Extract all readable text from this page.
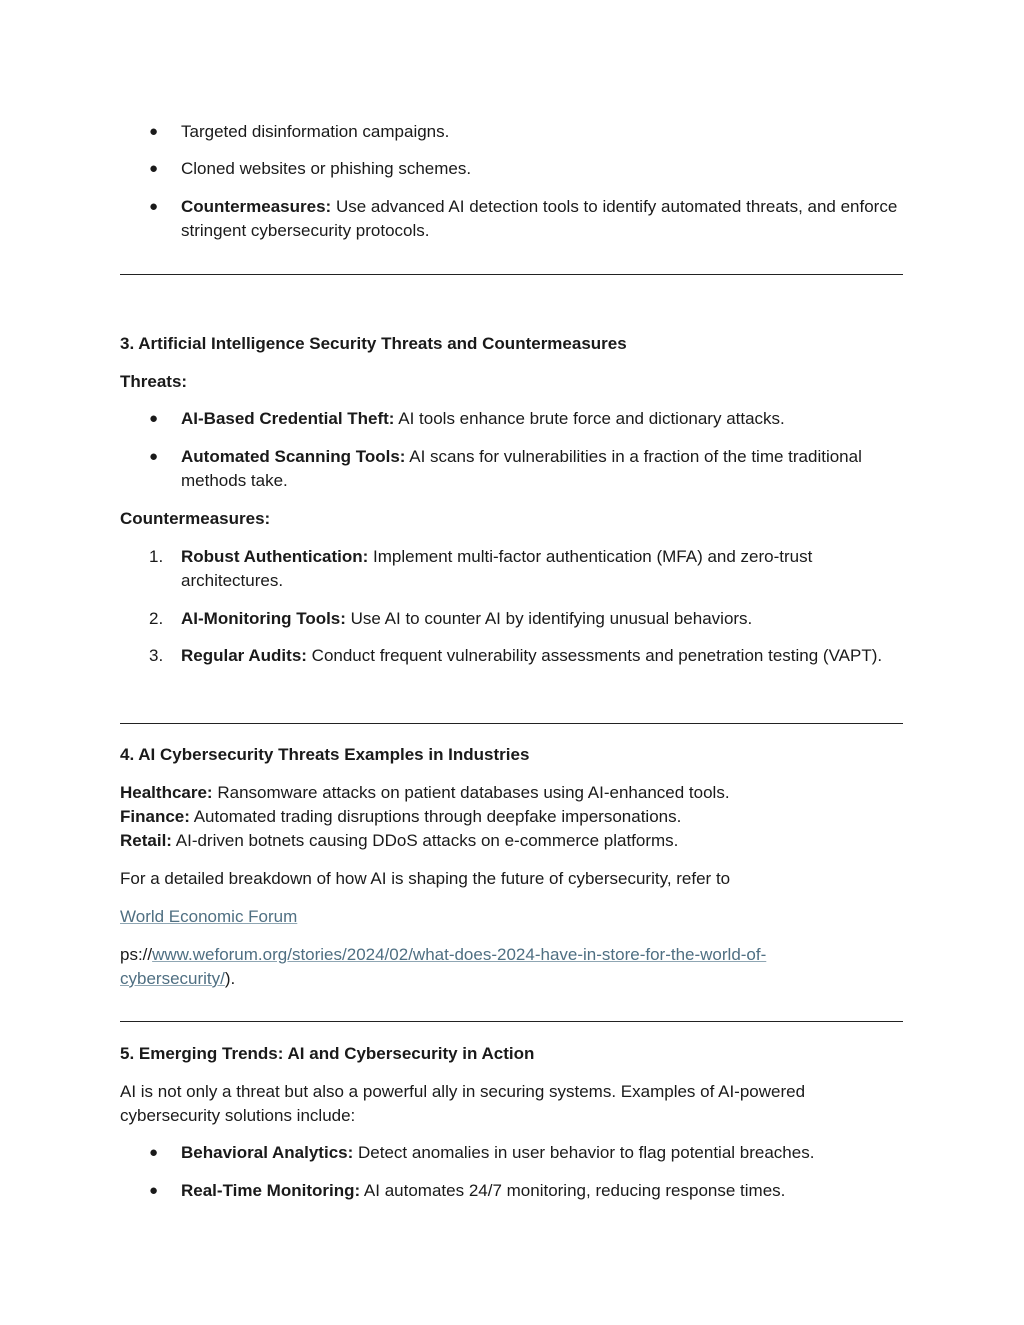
●	Targeted disinformation campaigns.

●	Cloned websites or phishing schemes.

●	Countermeasures: Use advanced AI detection tools to identify automated threats, and enforce stringent cybersecurity protocols.

3. Artificial Intelligence Security Threats and Countermeasures

Threats:

●	AI-Based Credential Theft: AI tools enhance brute force and dictionary attacks.

●	Automated Scanning Tools: AI scans for vulnerabilities in a fraction of the time traditional methods take.

Countermeasures:

1.	Robust Authentication: Implement multi-factor authentication (MFA) and zero-trust architectures.

2.	AI-Monitoring Tools: Use AI to counter AI by identifying unusual behaviors.

3.	Regular Audits: Conduct frequent vulnerability assessments and penetration testing (VAPT).

4. AI Cybersecurity Threats Examples in Industries

Healthcare: Ransomware attacks on patient databases using AI-enhanced tools.
Finance: Automated trading disruptions through deepfake impersonations.
Retail: AI-driven botnets causing DDoS attacks on e-commerce platforms.

For a detailed breakdown of how AI is shaping the future of cybersecurity, refer to

World Economic Forum

ps://www.weforum.org/stories/2024/02/what-does-2024-have-in-store-for-the-world-of-
cybersecurity/).

5. Emerging Trends: AI and Cybersecurity in Action

AI is not only a threat but also a powerful ally in securing systems. Examples of AI-powered cybersecurity solutions include:

●	Behavioral Analytics: Detect anomalies in user behavior to flag potential breaches.

●	Real-Time Monitoring: AI automates 24/7 monitoring, reducing response times.
